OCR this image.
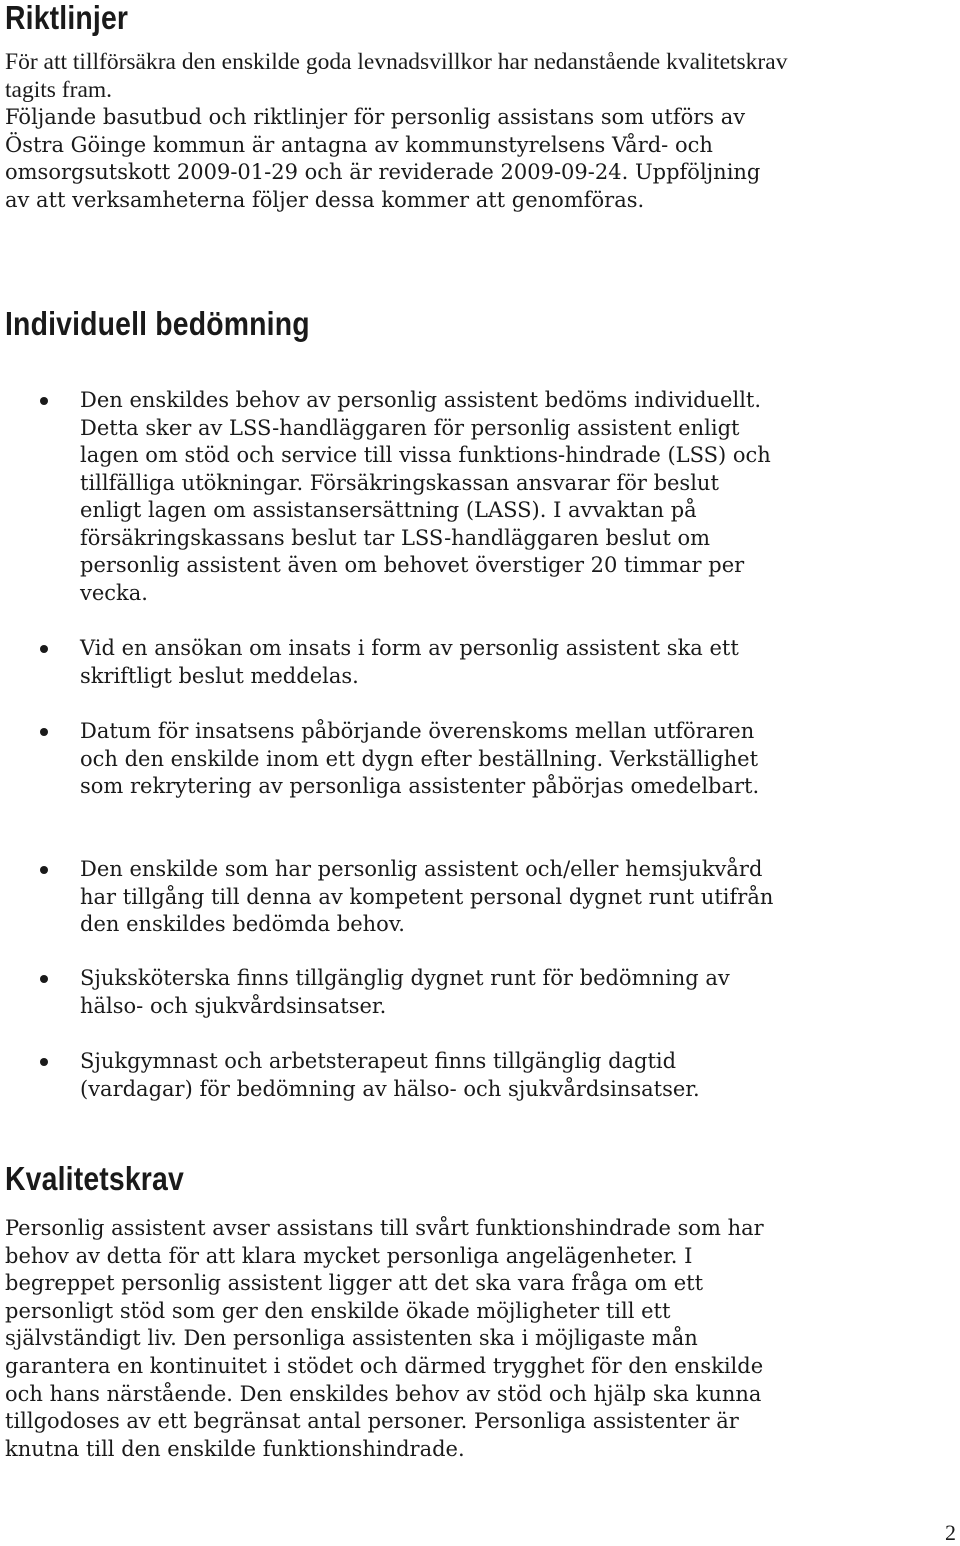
Riktlinjer

För att tillförsäkra den enskilde goda levnadsvillkor har nedanstående kvalitetskrav tagits fram.
Följande basutbud och riktlinjer för personlig assistans som utförs av Östra Göinge kommun är antagna av kommunstyrelsens Vård- och omsorgsutskott 2009-01-29 och är reviderade 2009-09-24. Uppföljning av att verksamheterna följer dessa kommer att genomföras.

Individuell bedömning

Den enskildes behov av personlig assistent bedöms individuellt. Detta sker av LSS-handläggaren för personlig assistent enligt lagen om stöd och service till vissa funktions-hindrade (LSS) och tillfälliga utökningar. Försäkringskassan ansvarar för beslut enligt lagen om assistansersättning (LASS). I avvaktan på försäkringskassans beslut tar LSS-handläggaren beslut om personlig assistent även om behovet överstiger 20 timmar per vecka.

Vid en ansökan om insats i form av personlig assistent ska ett skriftligt beslut meddelas.

Datum för insatsens påbörjande överenskoms mellan utföraren och den enskilde inom ett dygn efter beställning. Verkställighet som rekrytering av personliga assistenter påbörjas omedelbart.

Den enskilde som har personlig assistent och/eller hemsjukvård har tillgång till denna av kompetent personal dygnet runt utifrån den enskildes bedömda behov.

Sjuksköterska finns tillgänglig dygnet runt för bedömning av hälso- och sjukvårdsinsatser.

Sjukgymnast och arbetsterapeut finns tillgänglig dagtid (vardagar) för bedömning av hälso- och sjukvårdsinsatser.

Kvalitetskrav

Personlig assistent avser assistans till svårt funktionshindrade som har behov av detta för att klara mycket personliga angelägenheter. I begreppet personlig assistent ligger att det ska vara fråga om ett personligt stöd som ger den enskilde ökade möjligheter till ett självständigt liv. Den personliga assistenten ska i möjligaste mån garantera en kontinuitet i stödet och därmed trygghet för den enskilde och hans närstående. Den enskildes behov av stöd och hjälp ska kunna tillgodoses av ett begränsat antal personer. Personliga assistenter är knutna till den enskilde funktionshindrade.

2
